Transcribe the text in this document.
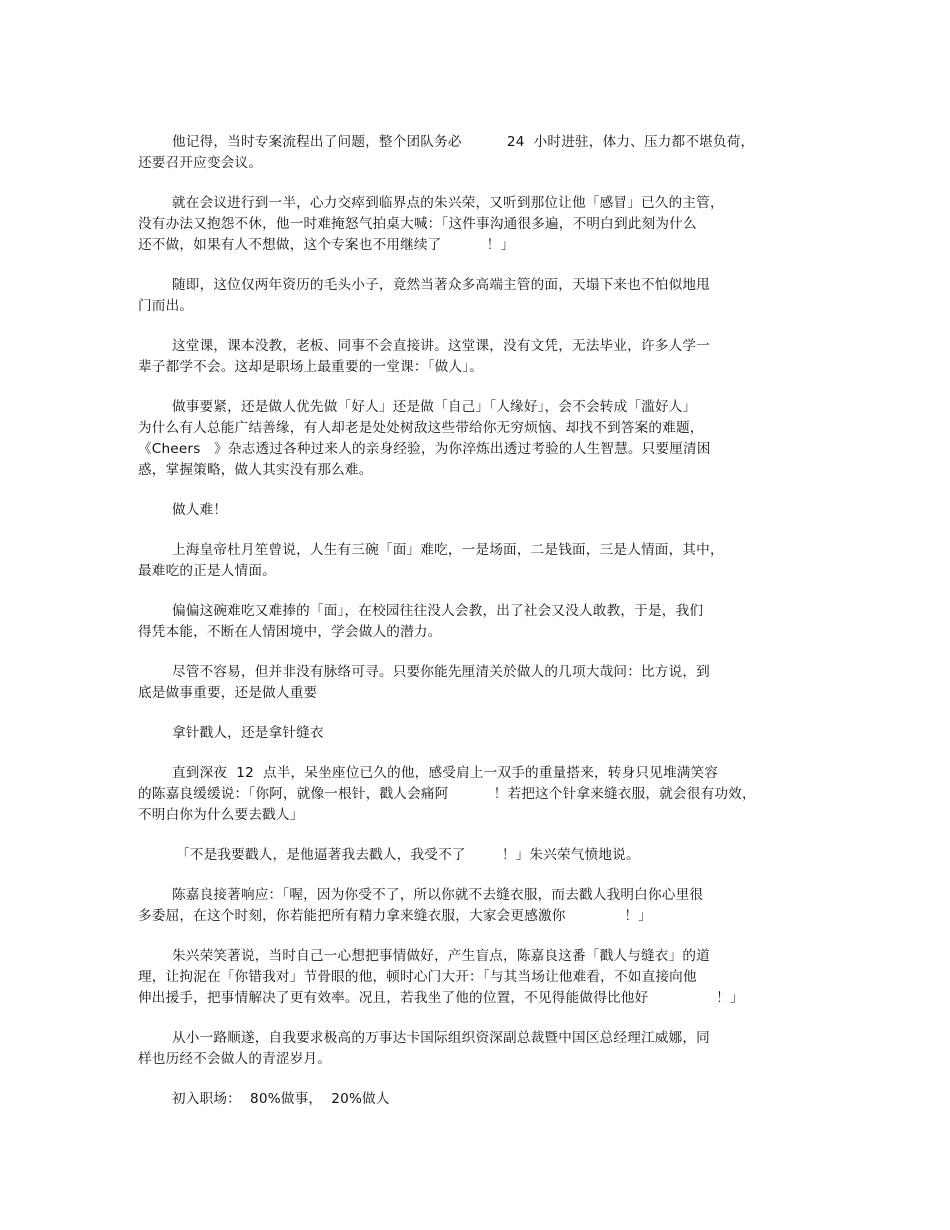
他记得，当时专案流程出了问题，整个团队务必          24  小时进驻，体力、压力都不堪负荷，
还要召开应变会议。
就在会议进行到一半，心力交瘁到临界点的朱兴荣，又听到那位让他「感冒」已久的主管，
没有办法又抱怨不休，他一时难掩怒气拍桌大喊：「这件事沟通很多遍，不明白到此刻为什么
还不做，如果有人不想做，这个专案也不用继续了          ！」
随即，这位仅两年资历的毛头小子，竟然当著众多高端主管的面，天塌下来也不怕似地甩
门而出。
这堂课，课本没教，老板、同事不会直接讲。这堂课，没有文凭，无法毕业，许多人学一
辈子都学不会。这却是职场上最重要的一堂课：「做人」。
做事要紧，还是做人优先做「好人」还是做「自己」「人缘好」，会不会转成「滥好人」
为什么有人总能广结善缘，有人却老是处处树敌这些带给你无穷烦恼、却找不到答案的难题，
《Cheers   》杂志透过各种过来人的亲身经验，为你淬炼出透过考验的人生智慧。只要厘清困
惑，掌握策略，做人其实没有那么难。
做人难！
上海皇帝杜月笙曾说，人生有三碗「面」难吃，一是场面，二是钱面，三是人情面，其中，
最难吃的正是人情面。
偏偏这碗难吃又难捧的「面」，在校园往往没人会教，出了社会又没人敢教，于是，我们
得凭本能，不断在人情困境中，学会做人的潜力。
尽管不容易，但并非没有脉络可寻。只要你能先厘清关於做人的几项大哉问：比方说，到
底是做事重要，还是做人重要
拿针戳人，还是拿针缝衣
直到深夜  12  点半，呆坐座位已久的他，感受肩上一双手的重量搭来，转身只见堆满笑容
的陈嘉良缓缓说：「你阿，就像一根针，戳人会痛阿          ！若把这个针拿来缝衣服，就会很有功效，
不明白你为什么要去戳人」
「不是我要戳人，是他逼著我去戳人，我受不了        ！」朱兴荣气愤地说。
陈嘉良接著响应：「喔，因为你受不了，所以你就不去缝衣服，而去戳人我明白你心里很
多委屈，在这个时刻，你若能把所有精力拿来缝衣服，大家会更感激你             ！」
朱兴荣笑著说，当时自己一心想把事情做好，产生盲点，陈嘉良这番「戳人与缝衣」的道
理，让拘泥在「你错我对」节骨眼的他，顿时心门大开：「与其当场让他难看，不如直接向他
伸出援手，把事情解决了更有效率。况且，若我坐了他的位置，不见得能做得比他好               ！」
从小一路顺遂，自我要求极高的万事达卡国际组织资深副总裁暨中国区总经理江威娜，同
样也历经不会做人的青涩岁月。
初入职场：  80%做事，  20%做人
